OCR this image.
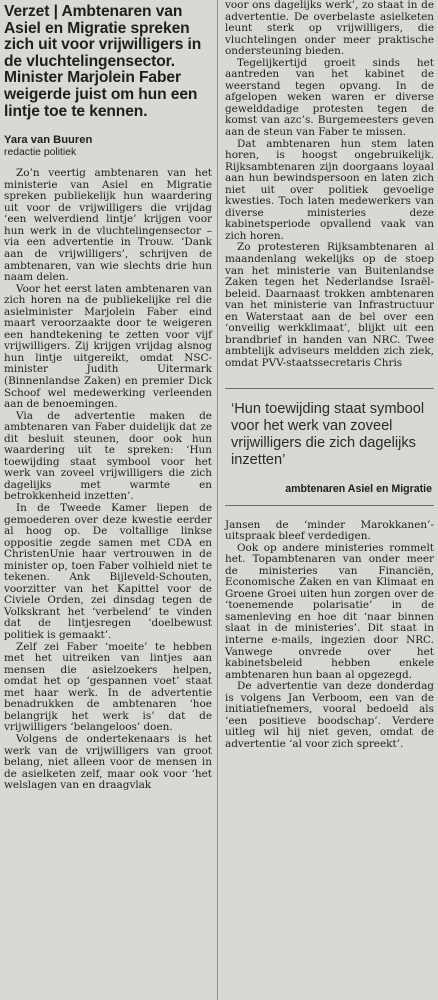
Verzet | Ambtenaren van Asiel en Migratie spreken zich uit voor vrijwilligers in de vluchtelingensector. Minister Marjolein Faber weigerde juist om hun een lintje toe te kennen.
Yara van Buuren
redactie politiek

Zo’n veertig ambtenaren van het ministerie van Asiel en Migratie spreken publiekelijk hun waardering uit voor de vrijwilligers die vrijdag ‘een welverdiend lintje’ krijgen voor hun werk in de vluchtelingensector –via een advertentie in Trouw. ‘Dank aan de vrijwilligers’, schrijven de ambtenaren, van wie slechts drie hun naam delen.

Voor het eerst laten ambtenaren van zich horen na de publiekelijke rel die asielminister Marjolein Faber eind maart veroorzaakte door te weigeren een handtekening te zetten voor vijf vrijwilligers. Zij krijgen vrijdag alsnog hun lintje uitgereikt, omdat NSC-minister Judith Uitermark (Binnenlandse Zaken) en premier Dick Schoof wel medewerking verleenden aan de benoemingen.

Via de advertentie maken de ambtenaren van Faber duidelijk dat ze dit besluit steunen, door ook hun waardering uit te spreken: ‘Hun toewijding staat symbool voor het werk van zoveel vrijwilligers die zich dagelijks met warmte en betrokkenheid inzetten’.

In de Tweede Kamer liepen de gemoederen over deze kwestie eerder al hoog op. De voltallige linkse oppositie zegde samen met CDA en ChristenUnie haar vertrouwen in de minister op, toen Faber volhield niet te tekenen. Ank Bijleveld-Schouten, voorzitter van het Kapittel voor de Civiele Orden, zei dinsdag tegen de Volkskrant het ‘verbelend’ te vinden dat de lintjesregen ‘doelbewust politiek is gemaakt’.

Zelf zei Faber ‘moeite’ te hebben met het uitreiken van lintjes aan mensen die asielzoekers helpen, omdat het op ‘gespannen voet’ staat met haar werk. In de advertentie benadrukken de ambtenaren ‘hoe belangrijk het werk is’ dat de vrijwilligers ‘belangeloos’ doen.

Volgens de ondertekenaars is het werk van de vrijwilligers van groot belang, niet alleen voor de mensen in de asielketen zelf, maar ook voor ‘het welslagen van en draagvlak

voor ons dagelijks werk’, zo staat in de advertentie. De overbelaste asielketen leunt sterk op vrijwilligers, die vluchtelingen onder meer praktische ondersteuning bieden.

Tegelijkertijd groeit sinds het aantreden van het kabinet de weerstand tegen opvang. In de afgelopen weken waren er diverse gewelddadige protesten tegen de komst van azc’s. Burgemeesters geven aan de steun van Faber te missen.

Dat ambtenaren hun stem laten horen, is hoogst ongebruikelijk. Rijksambtenaren zijn doorgaans loyaal aan hun bewindspersoon en laten zich niet uit over politiek gevoelige kwesties. Toch laten medewerkers van diverse ministeries deze kabinetsperiode opvallend vaak van zich horen.

Zo protesteren Rijksambtenaren al maandenlang wekelijks op de stoep van het ministerie van Buitenlandse Zaken tegen het Nederlandse Israël-beleid. Daarnaast trokken ambtenaren van het ministerie van Infrastructuur en Waterstaat aan de bel over een ‘onveilig werkklimaat’, blijkt uit een brandbrief in handen van NRC. Twee ambtelijk adviseurs meldden zich ziek, omdat PVV-staatssecretaris Chris

‘Hun toewijding staat symbool voor het werk van zoveel vrijwilligers die zich dagelijks inzetten’

ambtenaren Asiel en Migratie

Jansen de ‘minder Marokkanen’-uitspraak bleef verdedigen.

Ook op andere ministeries rommelt het. Topambtenaren van onder meer de ministeries van Financiën, Economische Zaken en van Klimaat en Groene Groei uiten hun zorgen over de ‘toenemende polarisatie’ in de samenleving en hoe dit ‘naar binnen slaat in de ministeries’. Dit staat in interne e-mails, ingezien door NRC. Vanwege onvrede over het kabinetsbeleid hebben enkele ambtenaren hun baan al opgezegd.

De advertentie van deze donderdag is volgens Jan Verboom, een van de initiatiefnemers, vooral bedoeld als ‘een positieve boodschap’. Verdere uitleg wil hij niet geven, omdat de advertentie ‘al voor zich spreekt’.
